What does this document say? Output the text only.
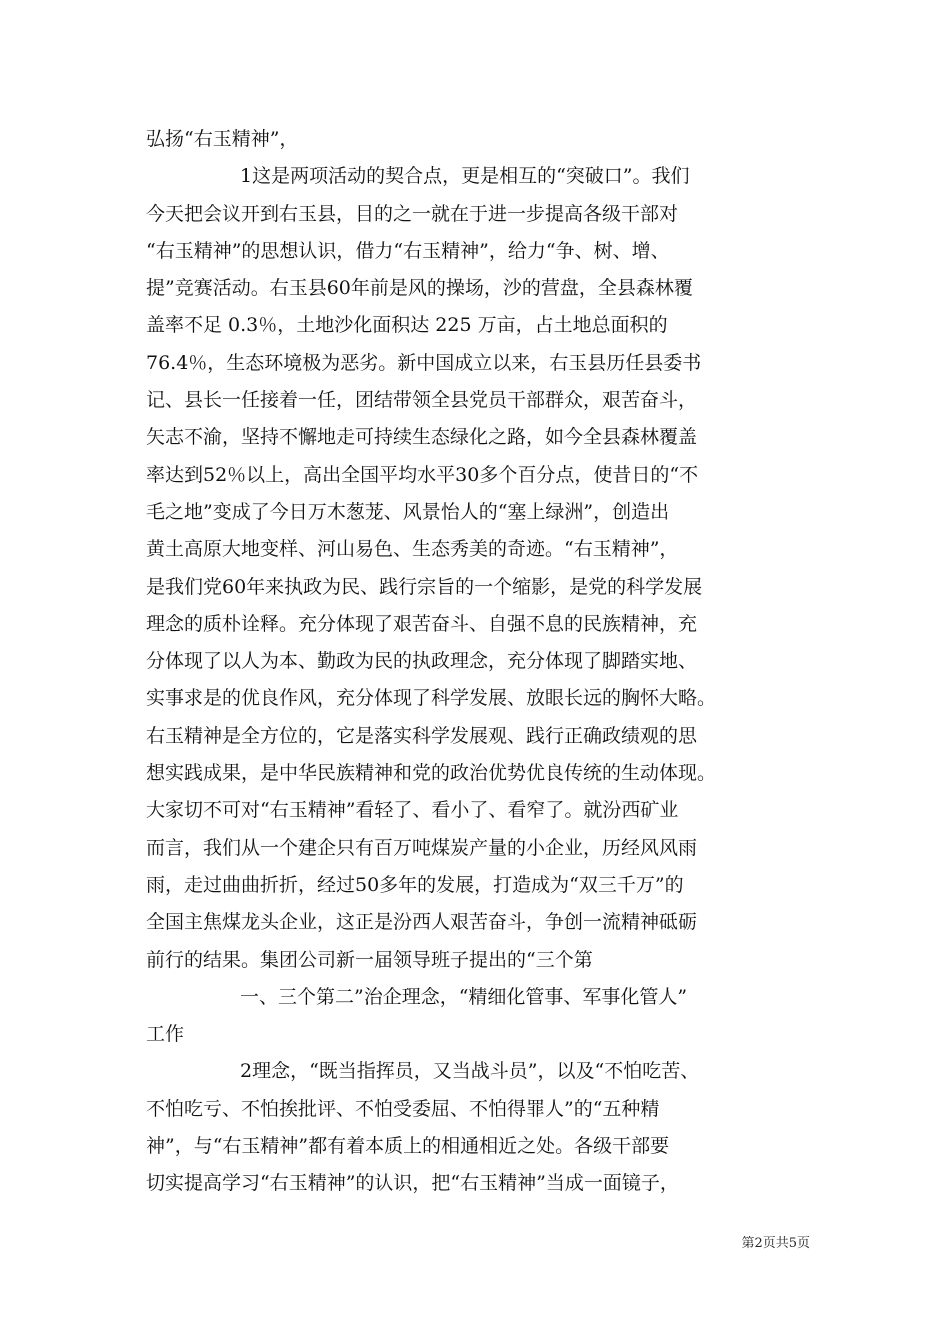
弘扬“右玉精神”，
1这是两项活动的契合点，更是相互的“突破口”。我们
今天把会议开到右玉县，目的之一就在于进一步提高各级干部对
“右玉精神”的思想认识，借力“右玉精神”，给力“争、树、增、
提”竞赛活动。右玉县60年前是风的操场，沙的营盘，全县森林覆
盖率不足 0.3％，土地沙化面积达 225 万亩，占土地总面积的
76.4％，生态环境极为恶劣。新中国成立以来，右玉县历任县委书
记、县长一任接着一任，团结带领全县党员干部群众，艰苦奋斗，
矢志不渝，坚持不懈地走可持续生态绿化之路，如今全县森林覆盖
率达到52％以上，高出全国平均水平30多个百分点，使昔日的“不
毛之地”变成了今日万木葱茏、风景怡人的“塞上绿洲”，创造出
黄土高原大地变样、河山易色、生态秀美的奇迹。“右玉精神”，
是我们党60年来执政为民、践行宗旨的一个缩影，是党的科学发展
理念的质朴诠释。充分体现了艰苦奋斗、自强不息的民族精神，充
分体现了以人为本、勤政为民的执政理念，充分体现了脚踏实地、
实事求是的优良作风，充分体现了科学发展、放眼长远的胸怀大略。
右玉精神是全方位的，它是落实科学发展观、践行正确政绩观的思
想实践成果，是中华民族精神和党的政治优势优良传统的生动体现。
大家切不可对“右玉精神”看轻了、看小了、看窄了。就汾西矿业
而言，我们从一个建企只有百万吨煤炭产量的小企业，历经风风雨
雨，走过曲曲折折，经过50多年的发展，打造成为“双三千万”的
全国主焦煤龙头企业，这正是汾西人艰苦奋斗，争创一流精神砥砺
前行的结果。集团公司新一届领导班子提出的“三个第
一、三个第二”治企理念，“精细化管事、军事化管人”
工作
2理念，“既当指挥员，又当战斗员”，以及“不怕吃苦、
不怕吃亏、不怕挨批评、不怕受委屈、不怕得罪人”的“五种精
神”，与“右玉精神”都有着本质上的相通相近之处。各级干部要
切实提高学习“右玉精神”的认识，把“右玉精神”当成一面镜子，
第2页共5页
